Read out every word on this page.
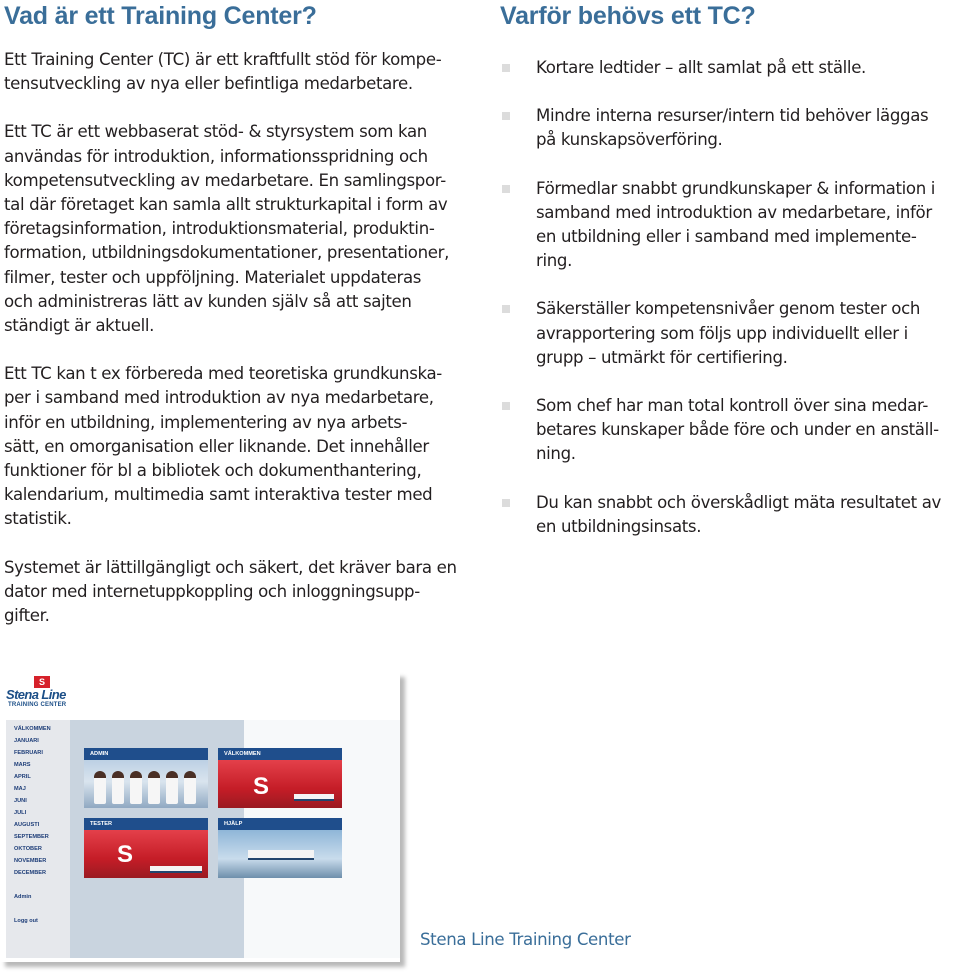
Vad är ett Training Center?	Varför behövs ett TC?

Ett Training Center (TC) är ett kraftfullt stöd för kompe-
tensutveckling av nya eller befintliga medarbetare.

Ett TC är ett webbaserat stöd- & styrsystem som kan
användas för introduktion, informationsspridning och
kompetensutveckling av medarbetare. En samlingspor-
tal där företaget kan samla allt strukturkapital i form av
företagsinformation, introduktionsmaterial, produktin-
formation, utbildningsdokumentationer, presentationer,
filmer, tester och uppföljning. Materialet uppdateras
och administreras lätt av kunden själv så att sajten
ständigt är aktuell.

Ett TC kan t ex förbereda med teoretiska grundkunska-
per i samband med introduktion av nya medarbetare,
inför en utbildning, implementering av nya arbets-
sätt, en omorganisation eller liknande. Det innehåller
funktioner för bl a bibliotek och dokumenthantering,
kalendarium, multimedia samt interaktiva tester med
statistik.

Systemet är lättillgängligt och säkert, det kräver bara en
dator med internetuppkoppling och inloggningsupp-
gifter.

Kortare ledtider – allt samlat på ett ställe.
Mindre interna resurser/intern tid behöver läggas
på kunskapsöverföring.
Förmedlar snabbt grundkunskaper & information i
samband med introduktion av medarbetare, inför
en utbildning eller i samband med implemente-
ring.
Säkerställer kompetensnivåer genom tester och
avrapportering som följs upp individuellt eller i
grupp – utmärkt för certifiering.
Som chef har man total kontroll över sina medar-
betares kunskaper både före och under en anställ-
ning.
Du kan snabbt och överskådligt mäta resultatet av
en utbildningsinsats.
S
Stena Line
TRAINING CENTER
VÄLKOMMEN
JANUARI
FEBRUARI
MARS
APRIL
MAJ
JUNI
JULI
AUGUSTI
SEPTEMBER
OKTOBER
NOVEMBER
DECEMBER
Admin
Logg out
ADMIN	VÄLKOMMEN
S
TESTER
S
HJÄLP
Stena Line Training Center
